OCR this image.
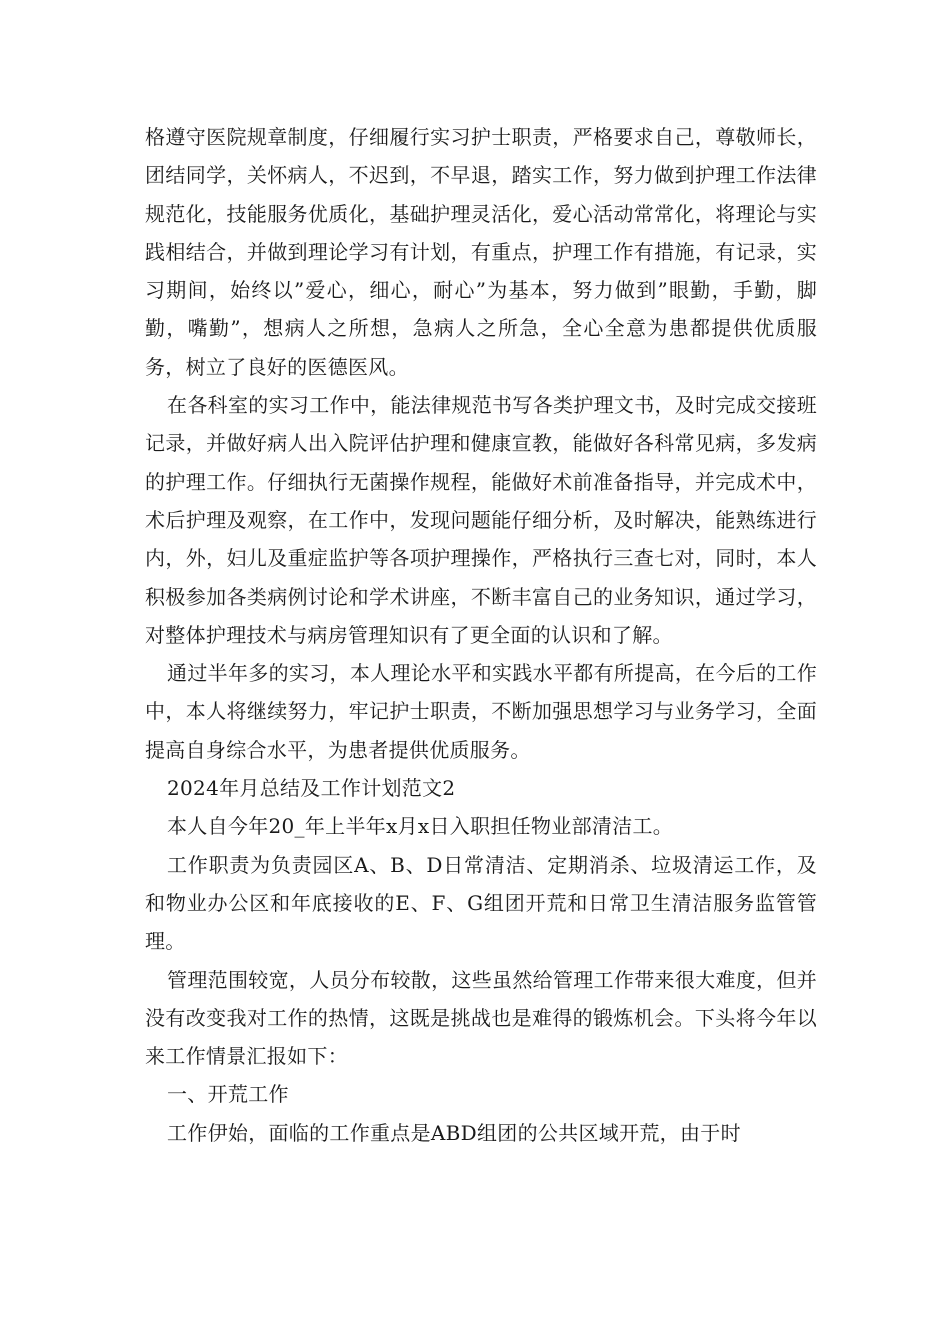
格遵守医院规章制度，仔细履行实习护士职责，严格要求自己，尊敬师长，团结同学，关怀病人，不迟到，不早退，踏实工作，努力做到护理工作法律规范化，技能服务优质化，基础护理灵活化，爱心活动常常化，将理论与实践相结合，并做到理论学习有计划，有重点，护理工作有措施，有记录，实习期间，始终以”爱心，细心，耐心”为基本，努力做到”眼勤，手勤，脚勤，嘴勤”，想病人之所想，急病人之所急，全心全意为患都提供优质服务，树立了良好的医德医风。

在各科室的实习工作中，能法律规范书写各类护理文书，及时完成交接班记录，并做好病人出入院评估护理和健康宣教，能做好各科常见病，多发病的护理工作。仔细执行无菌操作规程，能做好术前准备指导，并完成术中，术后护理及观察，在工作中，发现问题能仔细分析，及时解决，能熟练进行内，外，妇儿及重症监护等各项护理操作，严格执行三查七对，同时，本人积极参加各类病例讨论和学术讲座，不断丰富自己的业务知识，通过学习，对整体护理技术与病房管理知识有了更全面的认识和了解。

通过半年多的实习，本人理论水平和实践水平都有所提高，在今后的工作中，本人将继续努力，牢记护士职责，不断加强思想学习与业务学习，全面提高自身综合水平，为患者提供优质服务。

2024年月总结及工作计划范文2

本人自今年20_年上半年x月x日入职担任物业部清洁工。

工作职责为负责园区A、B、D日常清洁、定期消杀、垃圾清运工作，及和物业办公区和年底接收的E、F、G组团开荒和日常卫生清洁服务监管管理。

管理范围较宽，人员分布较散，这些虽然给管理工作带来很大难度，但并没有改变我对工作的热情，这既是挑战也是难得的锻炼机会。下头将今年以来工作情景汇报如下：

一、开荒工作

工作伊始，面临的工作重点是ABD组团的公共区域开荒，由于时
